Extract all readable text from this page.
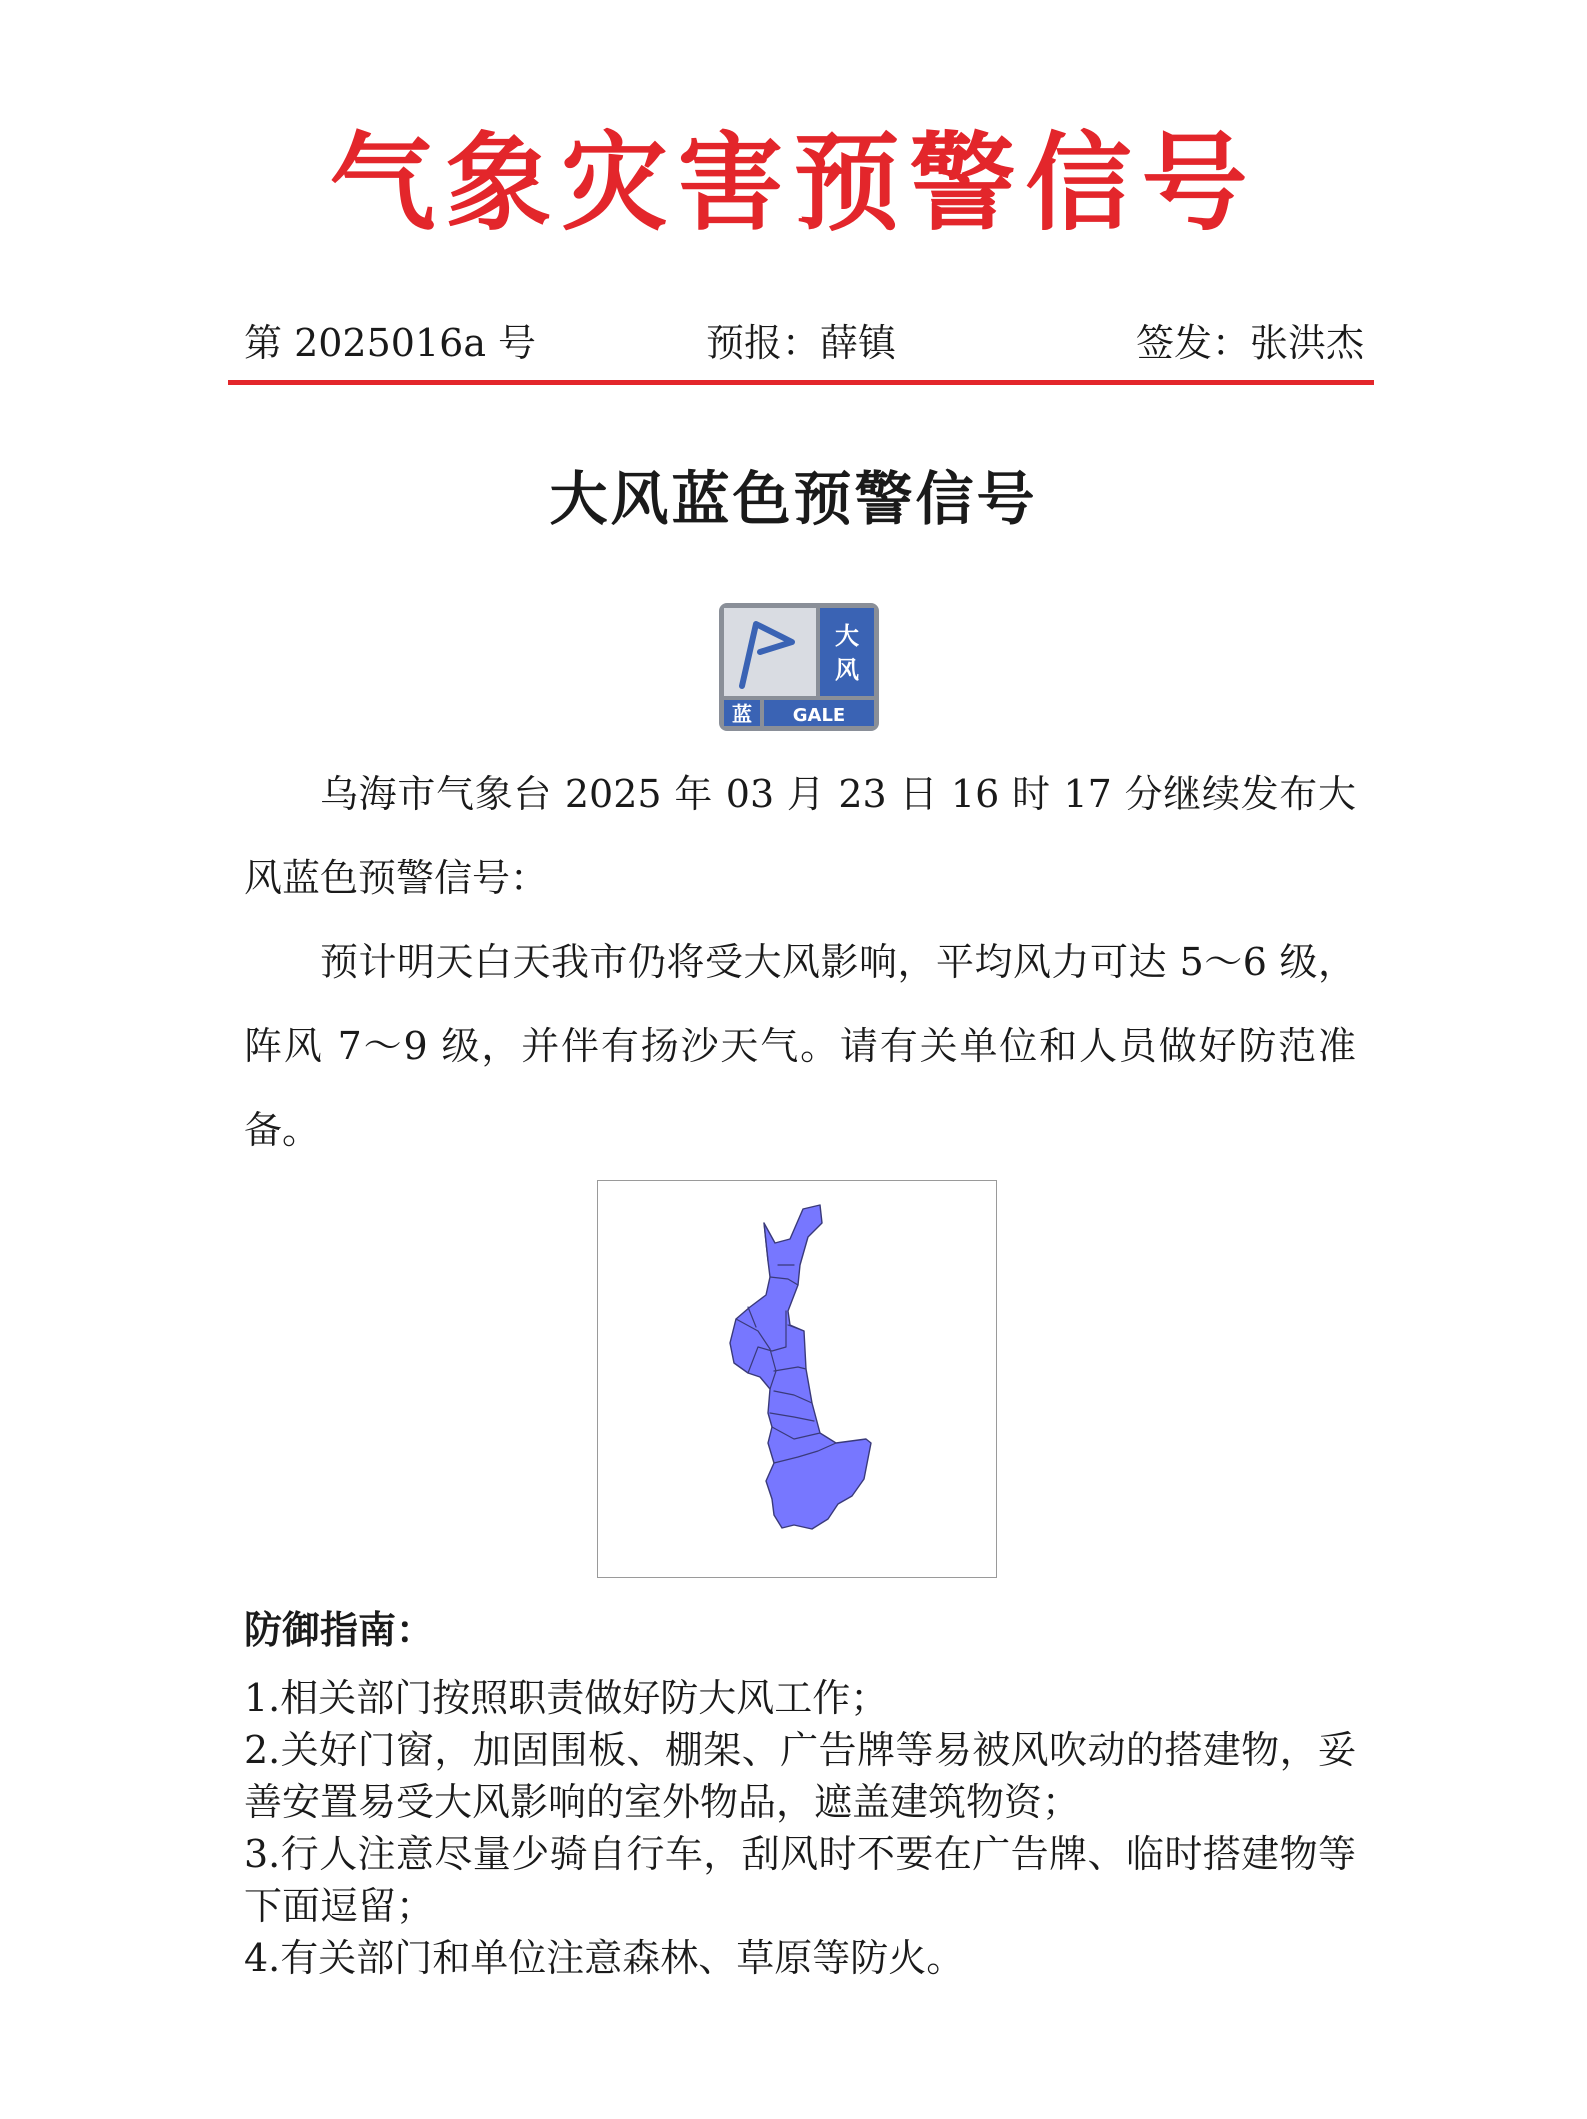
气象灾害预警信号
第 2025016a 号	预报：薛镇	签发：张洪杰
大风蓝色预警信号
大
风
蓝 GALE
乌海市气象台 2025 年 03 月 23 日 16 时 17 分继续发布大风蓝色预警信号：
预计明天白天我市仍将受大风影响，平均风力可达 5～6 级，阵风 7～9 级，并伴有扬沙天气。请有关单位和人员做好防范准备。
防御指南：

1.相关部门按照职责做好防大风工作；

2.关好门窗，加固围板、棚架、广告牌等易被风吹动的搭建物，妥善安置易受大风影响的室外物品，遮盖建筑物资；

3.行人注意尽量少骑自行车，刮风时不要在广告牌、临时搭建物等下面逗留；

4.有关部门和单位注意森林、草原等防火。
